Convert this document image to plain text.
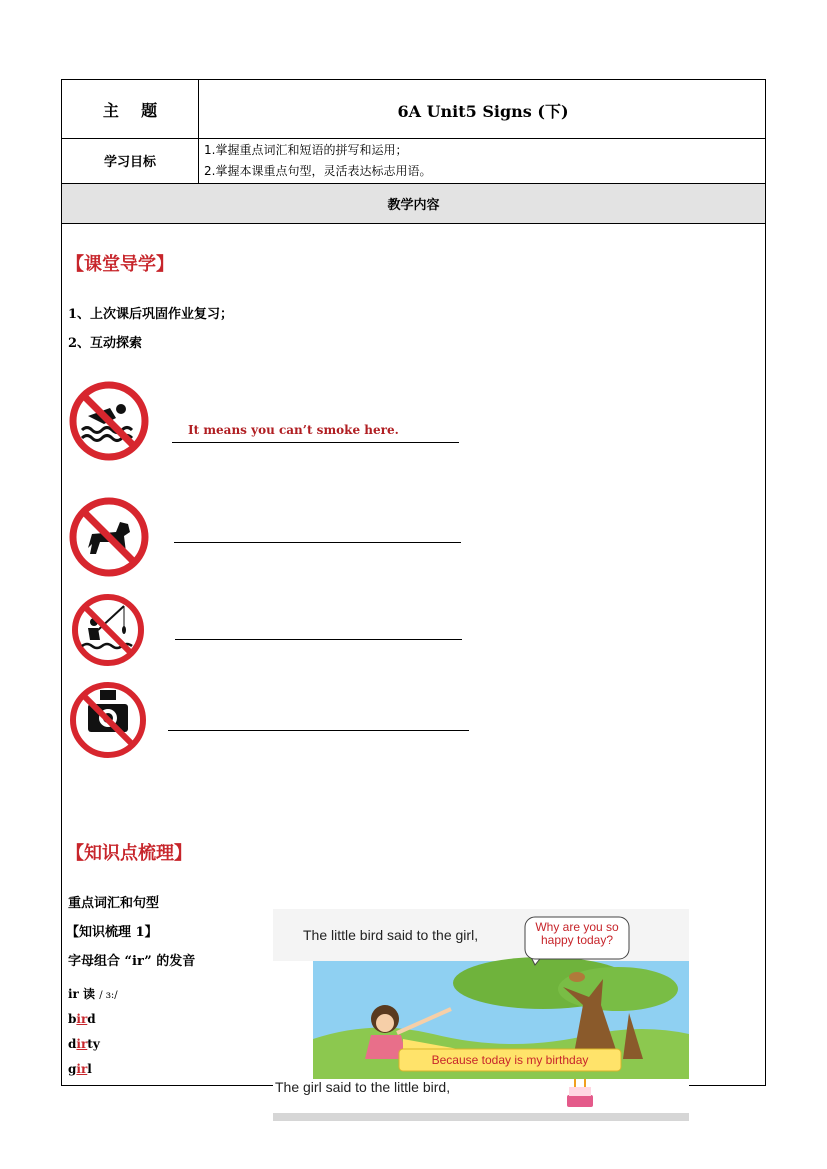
主    题	6A Unit5 Signs (下)
学习目标
1.掌握重点词汇和短语的拼写和运用；
2.掌握本课重点句型，灵活表达标志用语。
教学内容
【课堂导学】
1、上次课后巩固作业复习；
2、互动探索
It means you can’t smoke here.
【知识点梳理】
重点词汇和句型
【知识梳理 1】
字母组合 “ir” 的发音
ir 读 / ɜ:/
bird
dirty
girl
The little bird said to the girl,	Why are you so happy today?
Because today is my birthday
The girl said to the little bird,
